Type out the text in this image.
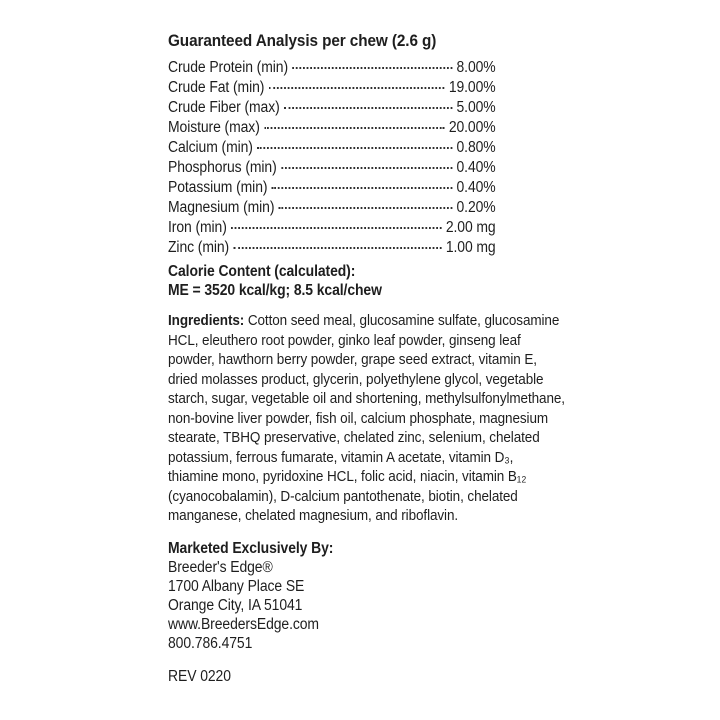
Guaranteed Analysis per chew (2.6 g)
Crude Protein (min)	8.00%
Crude Fat (min)	19.00%
Crude Fiber (max)	5.00%
Moisture (max)	20.00%
Calcium (min)	0.80%
Phosphorus (min)	0.40%
Potassium (min)	0.40%
Magnesium (min)	0.20%
Iron (min)	2.00 mg
Zinc (min)	1.00 mg
Calorie Content (calculated):
ME = 3520 kcal/kg; 8.5 kcal/chew

Ingredients: Cotton seed meal, glucosamine sulfate, glucosamine HCL, eleuthero root powder, ginko leaf powder, ginseng leaf powder, hawthorn berry powder, grape seed extract, vitamin E, dried molasses product, glycerin, polyethylene glycol, vegetable starch, sugar, vegetable oil and shortening, methylsulfonylmethane, non-bovine liver powder, fish oil, calcium phosphate, magnesium stearate, TBHQ preservative, chelated zinc, selenium, chelated potassium, ferrous fumarate, vitamin A acetate, vitamin D₃, thiamine mono, pyridoxine HCL, folic acid, niacin, vitamin B₁₂ (cyanocobalamin), D-calcium pantothenate, biotin, chelated manganese, chelated magnesium, and riboflavin.

Marketed Exclusively By:
Breeder's Edge®
1700 Albany Place SE
Orange City, IA 51041
www.BreedersEdge.com
800.786.4751
REV 0220
